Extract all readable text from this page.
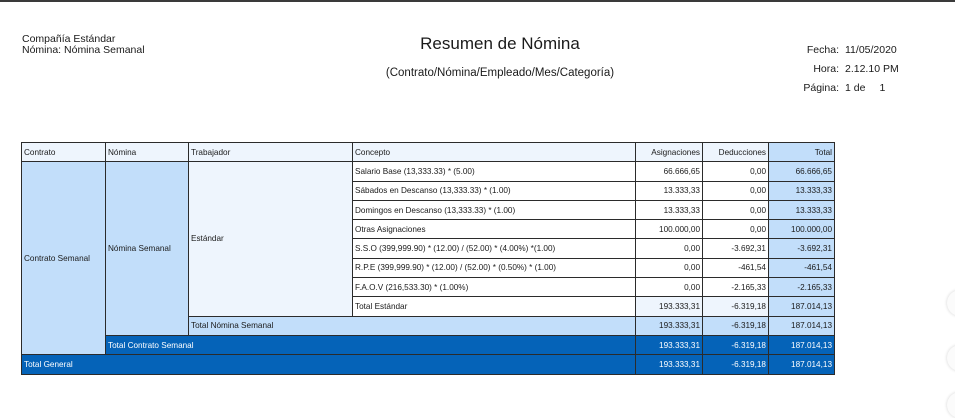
Compañía Estándar
Nómina: Nómina Semanal	Resumen de Nómina
(Contrato/Nómina/Empleado/Mes/Categoría)
Fecha: 11/05/2020
Hora: 2.12.10 PM
Página: 1 de 1
Contrato	Nómina	Trabajador	Concepto	Asignaciones	Deducciones	Total
Contrato Semanal	Nómina Semanal	Estándar	Salario Base (13,333.33) * (5.00)	66.666,65	0,00	66.666,65
			Sábados en Descanso (13,333.33) * (1.00)	13.333,33	0,00	13.333,33
			Domingos en Descanso (13,333.33) * (1.00)	13.333,33	0,00	13.333,33
			Otras Asignaciones	100.000,00	0,00	100.000,00
			S.S.O (399,999.90) * (12.00) / (52.00) * (4.00%) *(1.00)	0,00	-3.692,31	-3.692,31
			R.P.E (399,999.90) * (12.00) / (52.00) * (0.50%) * (1.00)	0,00	-461,54	-461,54
			F.A.O.V (216,533.30) * (1.00%)	0,00	-2.165,33	-2.165,33
			Total Estándar	193.333,31	-6.319,18	187.014,13
		Total Nómina Semanal		193.333,31	-6.319,18	187.014,13
	Total Contrato Semanal			193.333,31	-6.319,18	187.014,13
Total General				193.333,31	-6.319,18	187.014,13
